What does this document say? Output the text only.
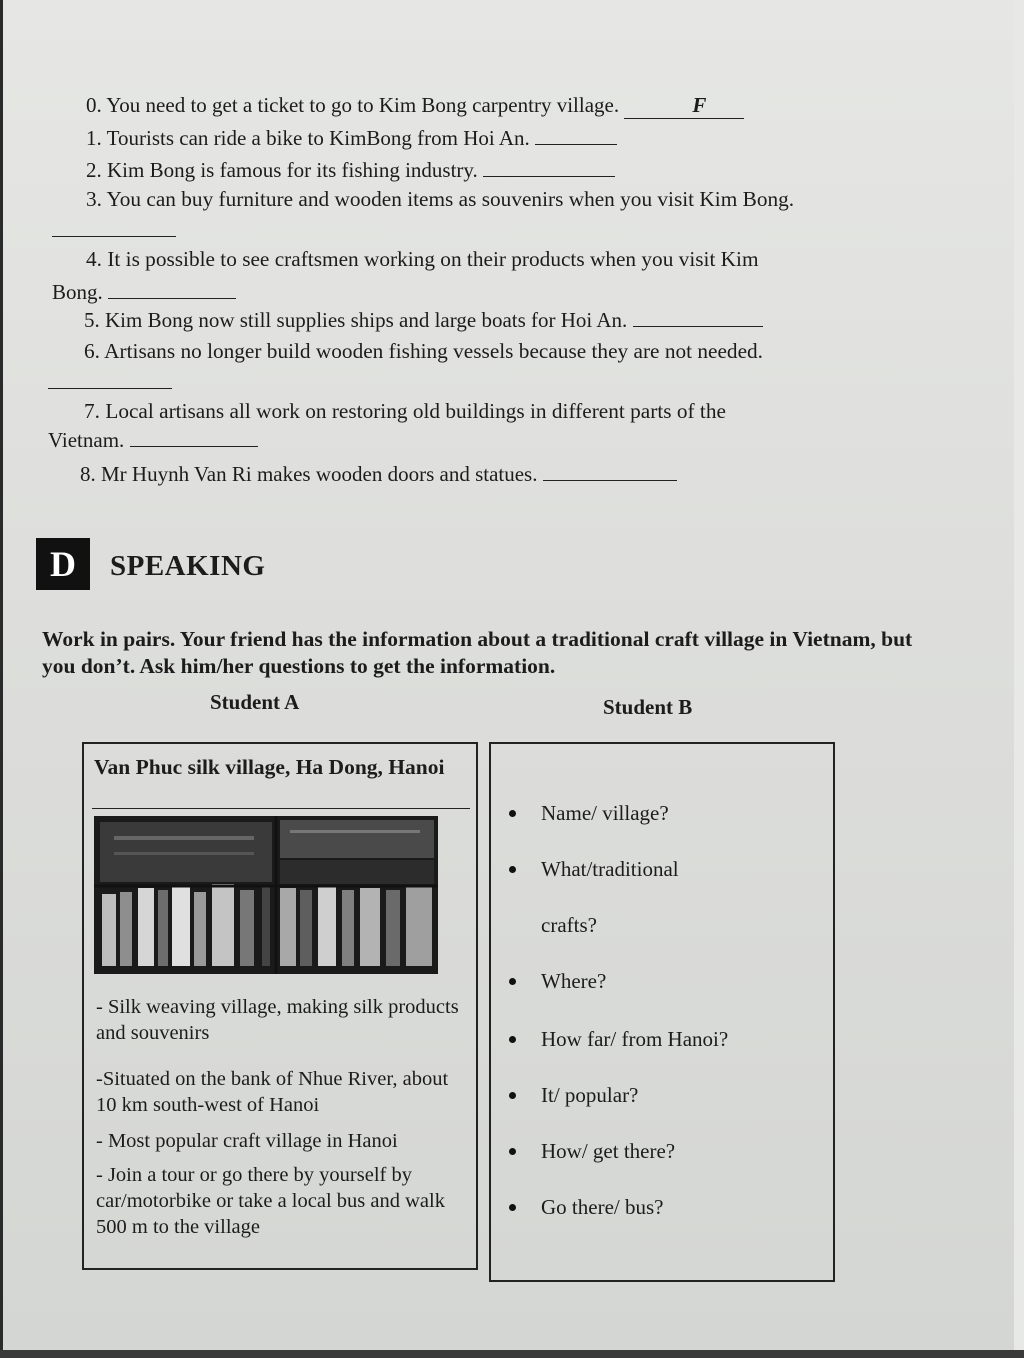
0. You need to get a ticket to go to Kim Bong carpentry village.	F
1. Tourists can ride a bike to KimBong from Hoi An.
2. Kim Bong is famous for its fishing industry.
3. You can buy furniture and wooden items as souvenirs when you visit Kim Bong.
4. It is possible to see craftsmen working on their products when you visit Kim
Bong.
5. Kim Bong now still supplies ships and large boats for Hoi An.
6. Artisans no longer build wooden fishing vessels because they are not needed.
7. Local artisans all work on restoring old buildings in different parts of the
Vietnam.
8. Mr Huynh Van Ri makes wooden doors and statues.
D	SPEAKING
Work in pairs. Your friend has the information about a traditional craft village in Vietnam, but you don’t. Ask him/her questions to get the information.
Student A	Student B
Van Phuc silk village, Ha Dong, Hanoi
- Silk weaving village, making silk products and souvenirs
-Situated on the bank of Nhue River, about 10 km south-west of Hanoi
- Most popular craft village in Hanoi
- Join a tour or go there by yourself by car/motorbike or take a local bus and walk 500 m to the village
Name/ village?
What/traditional
crafts?
Where?
How far/ from Hanoi?
It/ popular?
How/ get there?
Go there/ bus?
